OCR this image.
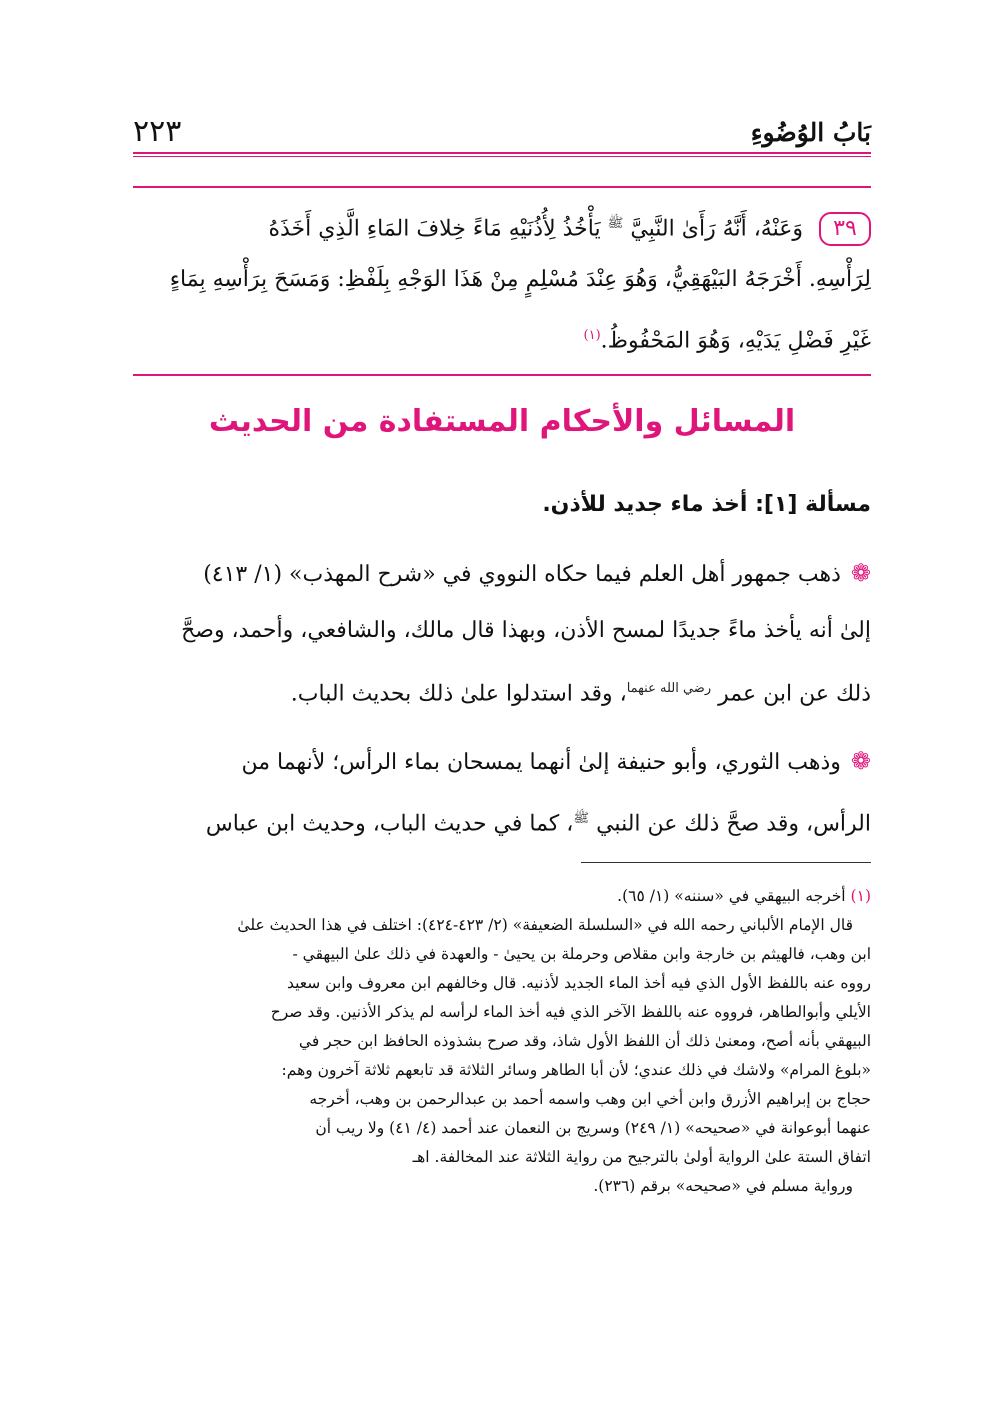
بَابُ الوُضُوءِ
٢٢٣
٣٩وَعَنْهُ، أَنَّهُ رَأَىٰ النَّبِيَّ $^ﷺ$ يَأْخُذُ لِأُذُنَيْهِ مَاءً خِلافَ المَاءِ الَّذِي أَخَذَهُ
لِرَأْسِهِ. أَخْرَجَهُ البَيْهَقِيُّ، وَهُوَ عِنْدَ مُسْلِمٍ مِنْ هَذَا الوَجْهِ بِلَفْظِ: وَمَسَحَ بِرَأْسِهِ بِمَاءٍ
غَيْرِ فَضْلِ يَدَيْهِ، وَهُوَ المَحْفُوظُ.$^{(١)}$
المسائل والأحكام المستفادة من الحديث
مسألة [١]: أخذ ماء جديد للأذن.
❁ذهب جمهور أهل العلم فيما حكاه النووي في «شرح المهذب» (١/ ٤١٣)
إلىٰ أنه يأخذ ماءً جديدًا لمسح الأذن، وبهذا قال مالك، والشافعي، وأحمد، وصحَّ
ذلك عن ابن عمر $^{رضي الله عنهما}$، وقد استدلوا علىٰ ذلك بحديث الباب.
❁وذهب الثوري، وأبو حنيفة إلىٰ أنهما يمسحان بماء الرأس؛ لأنهما من
الرأس، وقد صحَّ ذلك عن النبي $^ﷺ$، كما في حديث الباب، وحديث ابن عباس
(١) أخرجه البيهقي في «سننه» (١/ ٦٥).
قال الإمام الألباني رحمه الله في «السلسلة الضعيفة» (٢/ ٤٢٣-٤٢٤): اختلف في هذا الحديث علىٰ
ابن وهب، فالهيثم بن خارجة وابن مقلاص وحرملة بن يحيىٰ - والعهدة في ذلك علىٰ البيهقي -
رووه عنه باللفظ الأول الذي فيه أخذ الماء الجديد لأذنيه. قال وخالفهم ابن معروف وابن سعيد
الأيلي وأبوالطاهر، فرووه عنه باللفظ الآخر الذي فيه أخذ الماء لرأسه لم يذكر الأذنين. وقد صرح
البيهقي بأنه أصح، ومعنىٰ ذلك أن اللفظ الأول شاذ، وقد صرح بشذوذه الحافظ ابن حجر في
«بلوغ المرام» ولاشك في ذلك عندي؛ لأن أبا الطاهر وسائر الثلاثة قد تابعهم ثلاثة آخرون وهم:
حجاج بن إبراهيم الأزرق وابن أخي ابن وهب واسمه أحمد بن عبدالرحمن بن وهب، أخرجه
عنهما أبوعوانة في «صحيحه» (١/ ٢٤٩) وسريج بن النعمان عند أحمد (٤/ ٤١) ولا ريب أن
اتفاق الستة علىٰ الرواية أولىٰ بالترجيح من رواية الثلاثة عند المخالفة. اهـ
ورواية مسلم في «صحيحه» برقم (٢٣٦).
